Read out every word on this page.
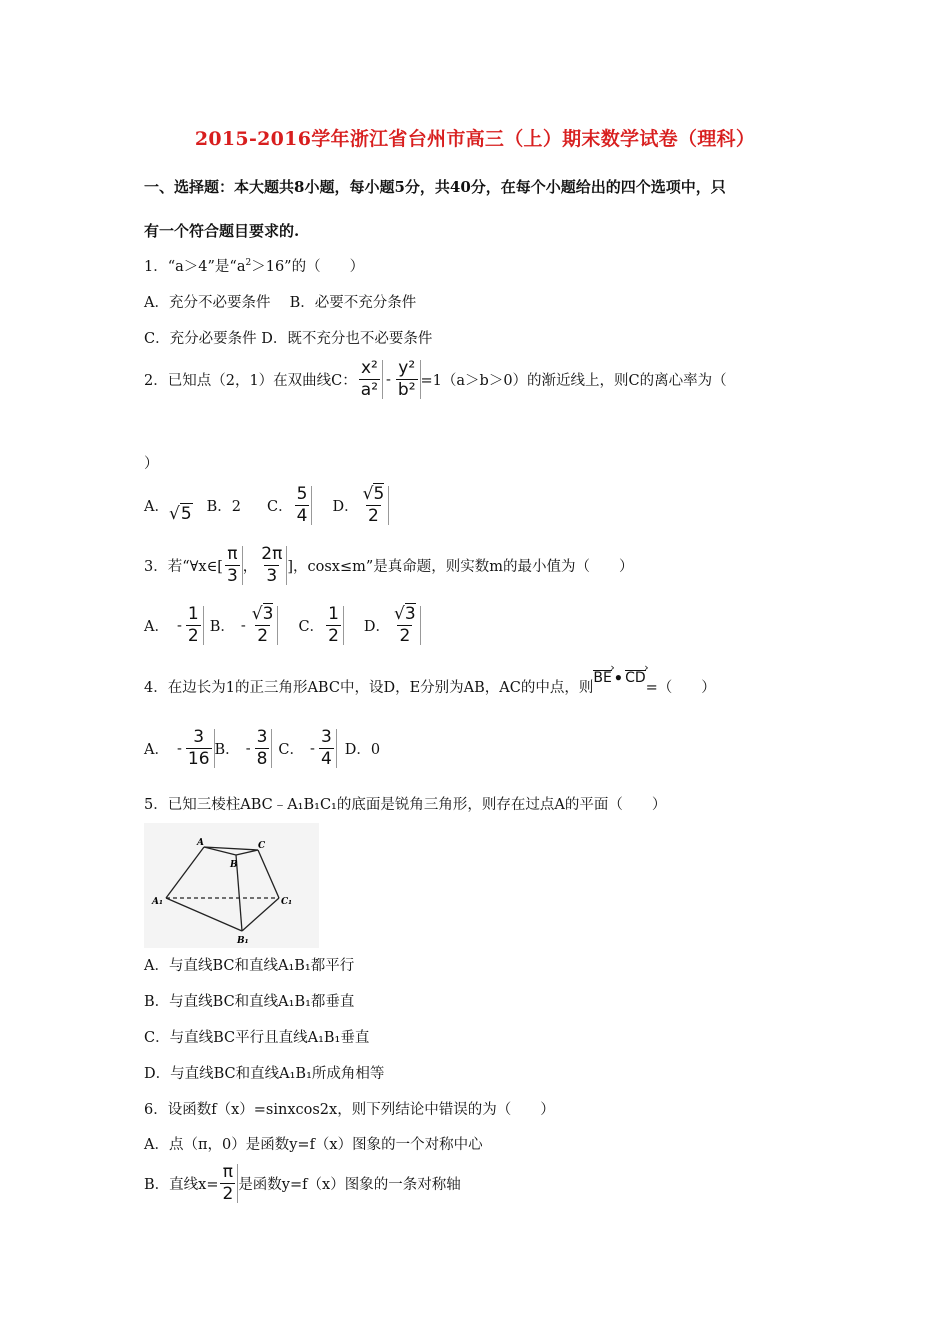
2015-2016学年浙江省台州市高三（上）期末数学试卷（理科）
一、选择题：本大题共8小题，每小题5分，共40分，在每个小题给出的四个选项中，只
有一个符合题目要求的.
1．“a＞4”是“$a^2>16$”的（　　）
A．充分不必要条件　 B．必要不充分条件
C．充分必要条件 D．既不充分也不必要条件
2．已知点（2，1）在双曲线C： $\frac{\text{x²}}{\text{a²}} - \frac{\text{y²}}{\text{b²}} =1(a>b>0)$的渐近线上，则C的离心率为（
）
A． √5 B．2 C． $\frac{5}{4}$ D． $\frac{√5}{2}$
3．若“∀x∈[ $\frac{\pi}{3}$ ， $\frac{2\pi}{3}$ ]，cosx≤m”是真命题，则实数m的最小值为（　　）
A． - $\frac{1}{2}$ B． - $\frac{√3}{2}$ C． $\frac{1}{2}$ D． $\frac{√3}{2}$
4．在边长为1的正三角形ABC中，设D，E分别为AB，AC的中点，则
BE › • CD ›
=（　　）
A． - $\frac{3}{16}$ B． - $\frac{3}{8}$ C． - $\frac{3}{4}$ D．0
5．已知三棱柱ABC﹣A₁B₁C₁的底面是锐角三角形，则存在过点A的平面（　　）
A
B
C
A₁	C₁
B₁
A．与直线BC和直线A₁B₁都平行
B．与直线BC和直线A₁B₁都垂直
C．与直线BC平行且直线A₁B₁垂直
D．与直线BC和直线A₁B₁所成角相等
6．设函数f（x）=sinxcos2x，则下列结论中错误的为（　　）
A．点（π，0）是函数y=f（x）图象的一个对称中心
B．直线$x= \frac{\pi}{2}$ 是函数y=f（x）图象的一条对称轴
